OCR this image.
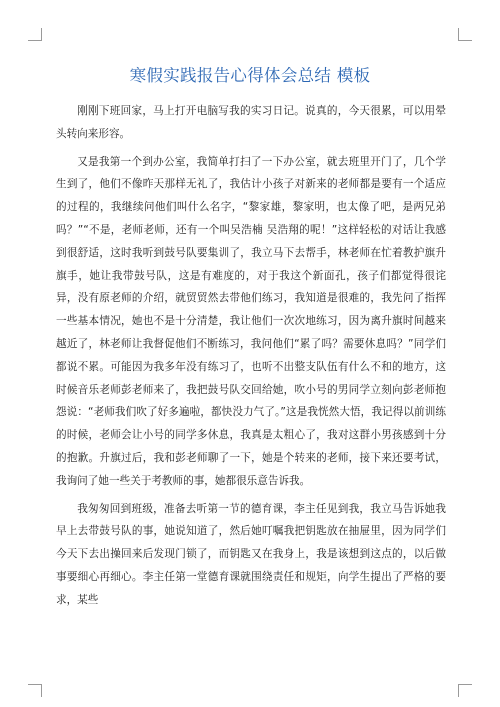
寒假实践报告心得体会总结 模板

刚刚下班回家，马上打开电脑写我的实习日记。说真的，今天很累，可以用晕头转向来形容。

又是我第一个到办公室，我简单打扫了一下办公室，就去班里开门了，几个学生到了，他们不像昨天那样无礼了，我估计小孩子对新来的老师都是要有一个适应的过程的，我继续问他们叫什么名字，“黎家雄，黎家明，也太像了吧，是两兄弟吗？”“不是，老师老师，还有一个叫吴浩楠 吴浩翔的呢！”这样轻松的对话让我感到很舒适，这时我听到鼓号队要集训了，我立马下去帮手，林老师在忙着教护旗升旗手，她让我带鼓号队，这是有难度的，对于我这个新面孔，孩子们都觉得很诧异，没有原老师的介绍，就贸贸然去带他们练习，我知道是很难的，我先问了指挥一些基本情况，她也不是十分清楚，我让他们一次次地练习，因为离升旗时间越来越近了，林老师让我督促他们不断练习，我问他们“累了吗？需要休息吗？”同学们都说不累。可能因为我多年没有练习了，也听不出整支队伍有什么不和的地方，这时候音乐老师彭老师来了，我把鼓号队交回给她，吹小号的男同学立刻向彭老师抱怨说：“老师我们吹了好多遍啦，都快没力气了。”这是我恍然大悟，我记得以前训练的时候，老师会让小号的同学多休息，我真是太粗心了，我对这群小男孩感到十分的抱歉。升旗过后，我和彭老师聊了一下，她是个转来的老师，接下来还要考试，我询问了她一些关于考教师的事，她都很乐意告诉我。

我匆匆回到班级，准备去听第一节的德育课，李主任见到我，我立马告诉她我早上去带鼓号队的事，她说知道了，然后她叮嘱我把钥匙放在抽屉里，因为同学们今天下去出操回来后发现门锁了，而钥匙又在我身上，我是该想到这点的，以后做事要细心再细心。李主任第一堂德育课就围绕责任和规矩，向学生提出了严格的要求，某些
